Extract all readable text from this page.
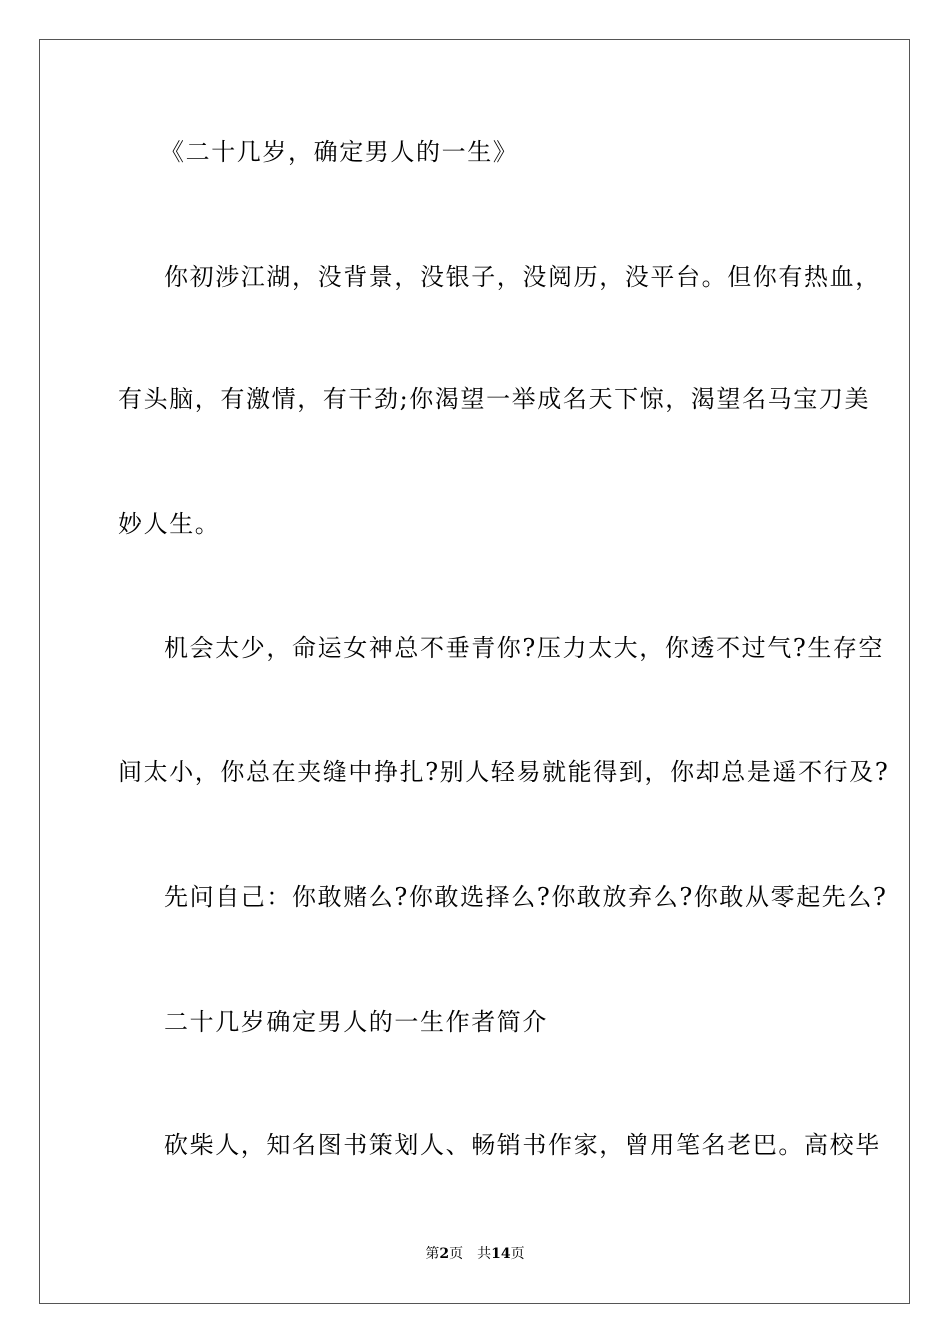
《二十几岁，确定男人的一生》
你初涉江湖，没背景，没银子，没阅历，没平台。但你有热血，
有头脑，有激情，有干劲;你渴望一举成名天下惊，渴望名马宝刀美
妙人生。
机会太少，命运女神总不垂青你?压力太大，你透不过气?生存空
间太小，你总在夹缝中挣扎?别人轻易就能得到，你却总是遥不行及?
先问自己：你敢赌么?你敢选择么?你敢放弃么?你敢从零起先么?
二十几岁确定男人的一生作者简介
砍柴人，知名图书策划人、畅销书作家，曾用笔名老巴。高校毕
第2页 共14页
